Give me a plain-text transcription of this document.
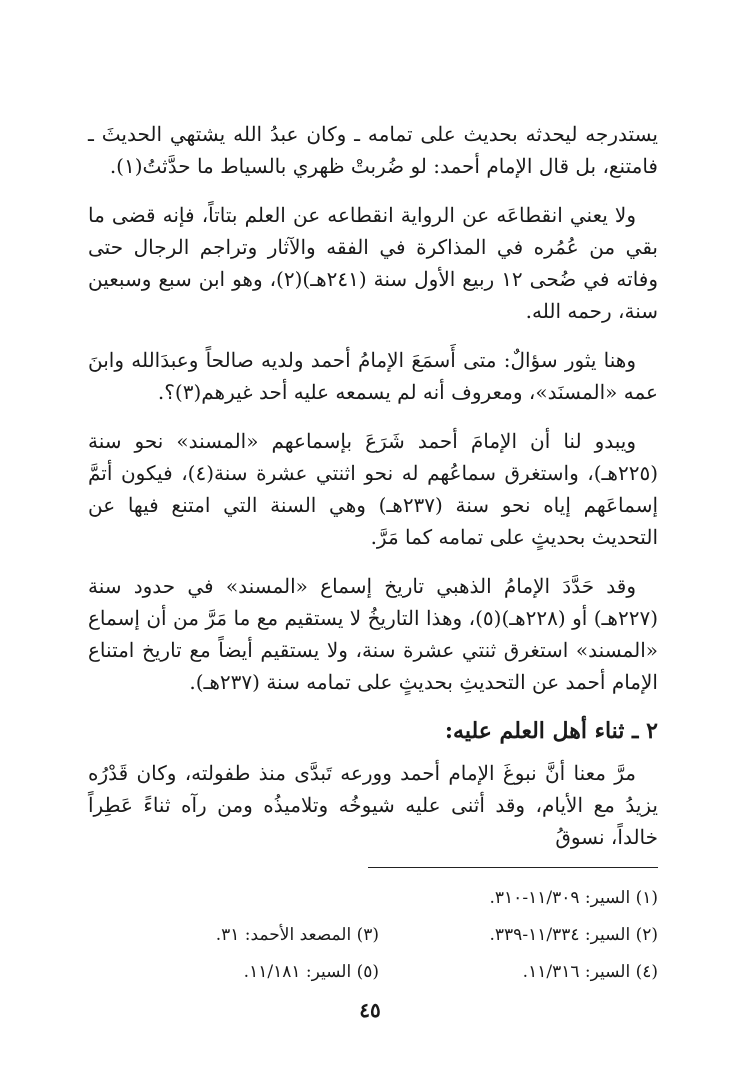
يستدرجه ليحدثه بحديث على تمامه ـ وكان عبدُ الله يشتهي الحديثَ ـ فامتنع، بل قال الإمام أحمد: لو ضُربتْ ظهري بالسياط ما حدَّثتُ(١).

ولا يعني انقطاعَه عن الرواية انقطاعه عن العلم بتاتاً، فإنه قضى ما بقي من عُمُره في المذاكرة في الفقه والآثار وتراجم الرجال حتى وفاته في ضُحى ١٢ ربيع الأول سنة (٢٤١هـ)(٢)، وهو ابن سبع وسبعين سنة، رحمه الله.

وهنا يثور سؤالٌ: متى أَسمَعَ الإمامُ أحمد ولديه صالحاً وعبدَالله وابنَ عمه «المسنَد»، ومعروف أنه لم يسمعه عليه أحد غيرهم(٣)؟.

ويبدو لنا أن الإمامَ أحمد شَرَعَ بإسماعهم «المسند» نحو سنة (٢٢٥هـ)، واستغرق سماعُهم له نحو اثنتي عشرة سنة(٤)، فيكون أتمَّ إسماعَهم إياه نحو سنة (٢٣٧هـ) وهي السنة التي امتنع فيها عن التحديث بحديثٍ على تمامه كما مَرَّ.

وقد حَدَّدَ الإمامُ الذهبي تاريخ إسماع «المسند» في حدود سنة (٢٢٧هـ) أو (٢٢٨هـ)(٥)، وهذا التاريخُ لا يستقيم مع ما مَرَّ من أن إسماع «المسند» استغرق ثنتي عشرة سنة، ولا يستقيم أيضاً مع تاريخ امتناع الإمام أحمد عن التحديثِ بحديثٍ على تمامه سنة (٢٣٧هـ).

٢ ـ ثناء أهل العلم عليه:

مرَّ معنا أنَّ نبوغَ الإمام أحمد وورعه تَبدَّى منذ طفولته، وكان قَدْرُه يزيدُ مع الأيام، وقد أثنى عليه شيوخُه وتلاميذُه ومن رآه ثناءً عَطِراً خالداً، نسوقُ

(١) السير: ١١/٣٠٩-٣١٠.
(٢) السير: ١١/٣٣٤-٣٣٩.
(٣) المصعد الأحمد: ٣١.
(٤) السير: ١١/٣١٦.
(٥) السير: ١١/١٨١.
٤٥
